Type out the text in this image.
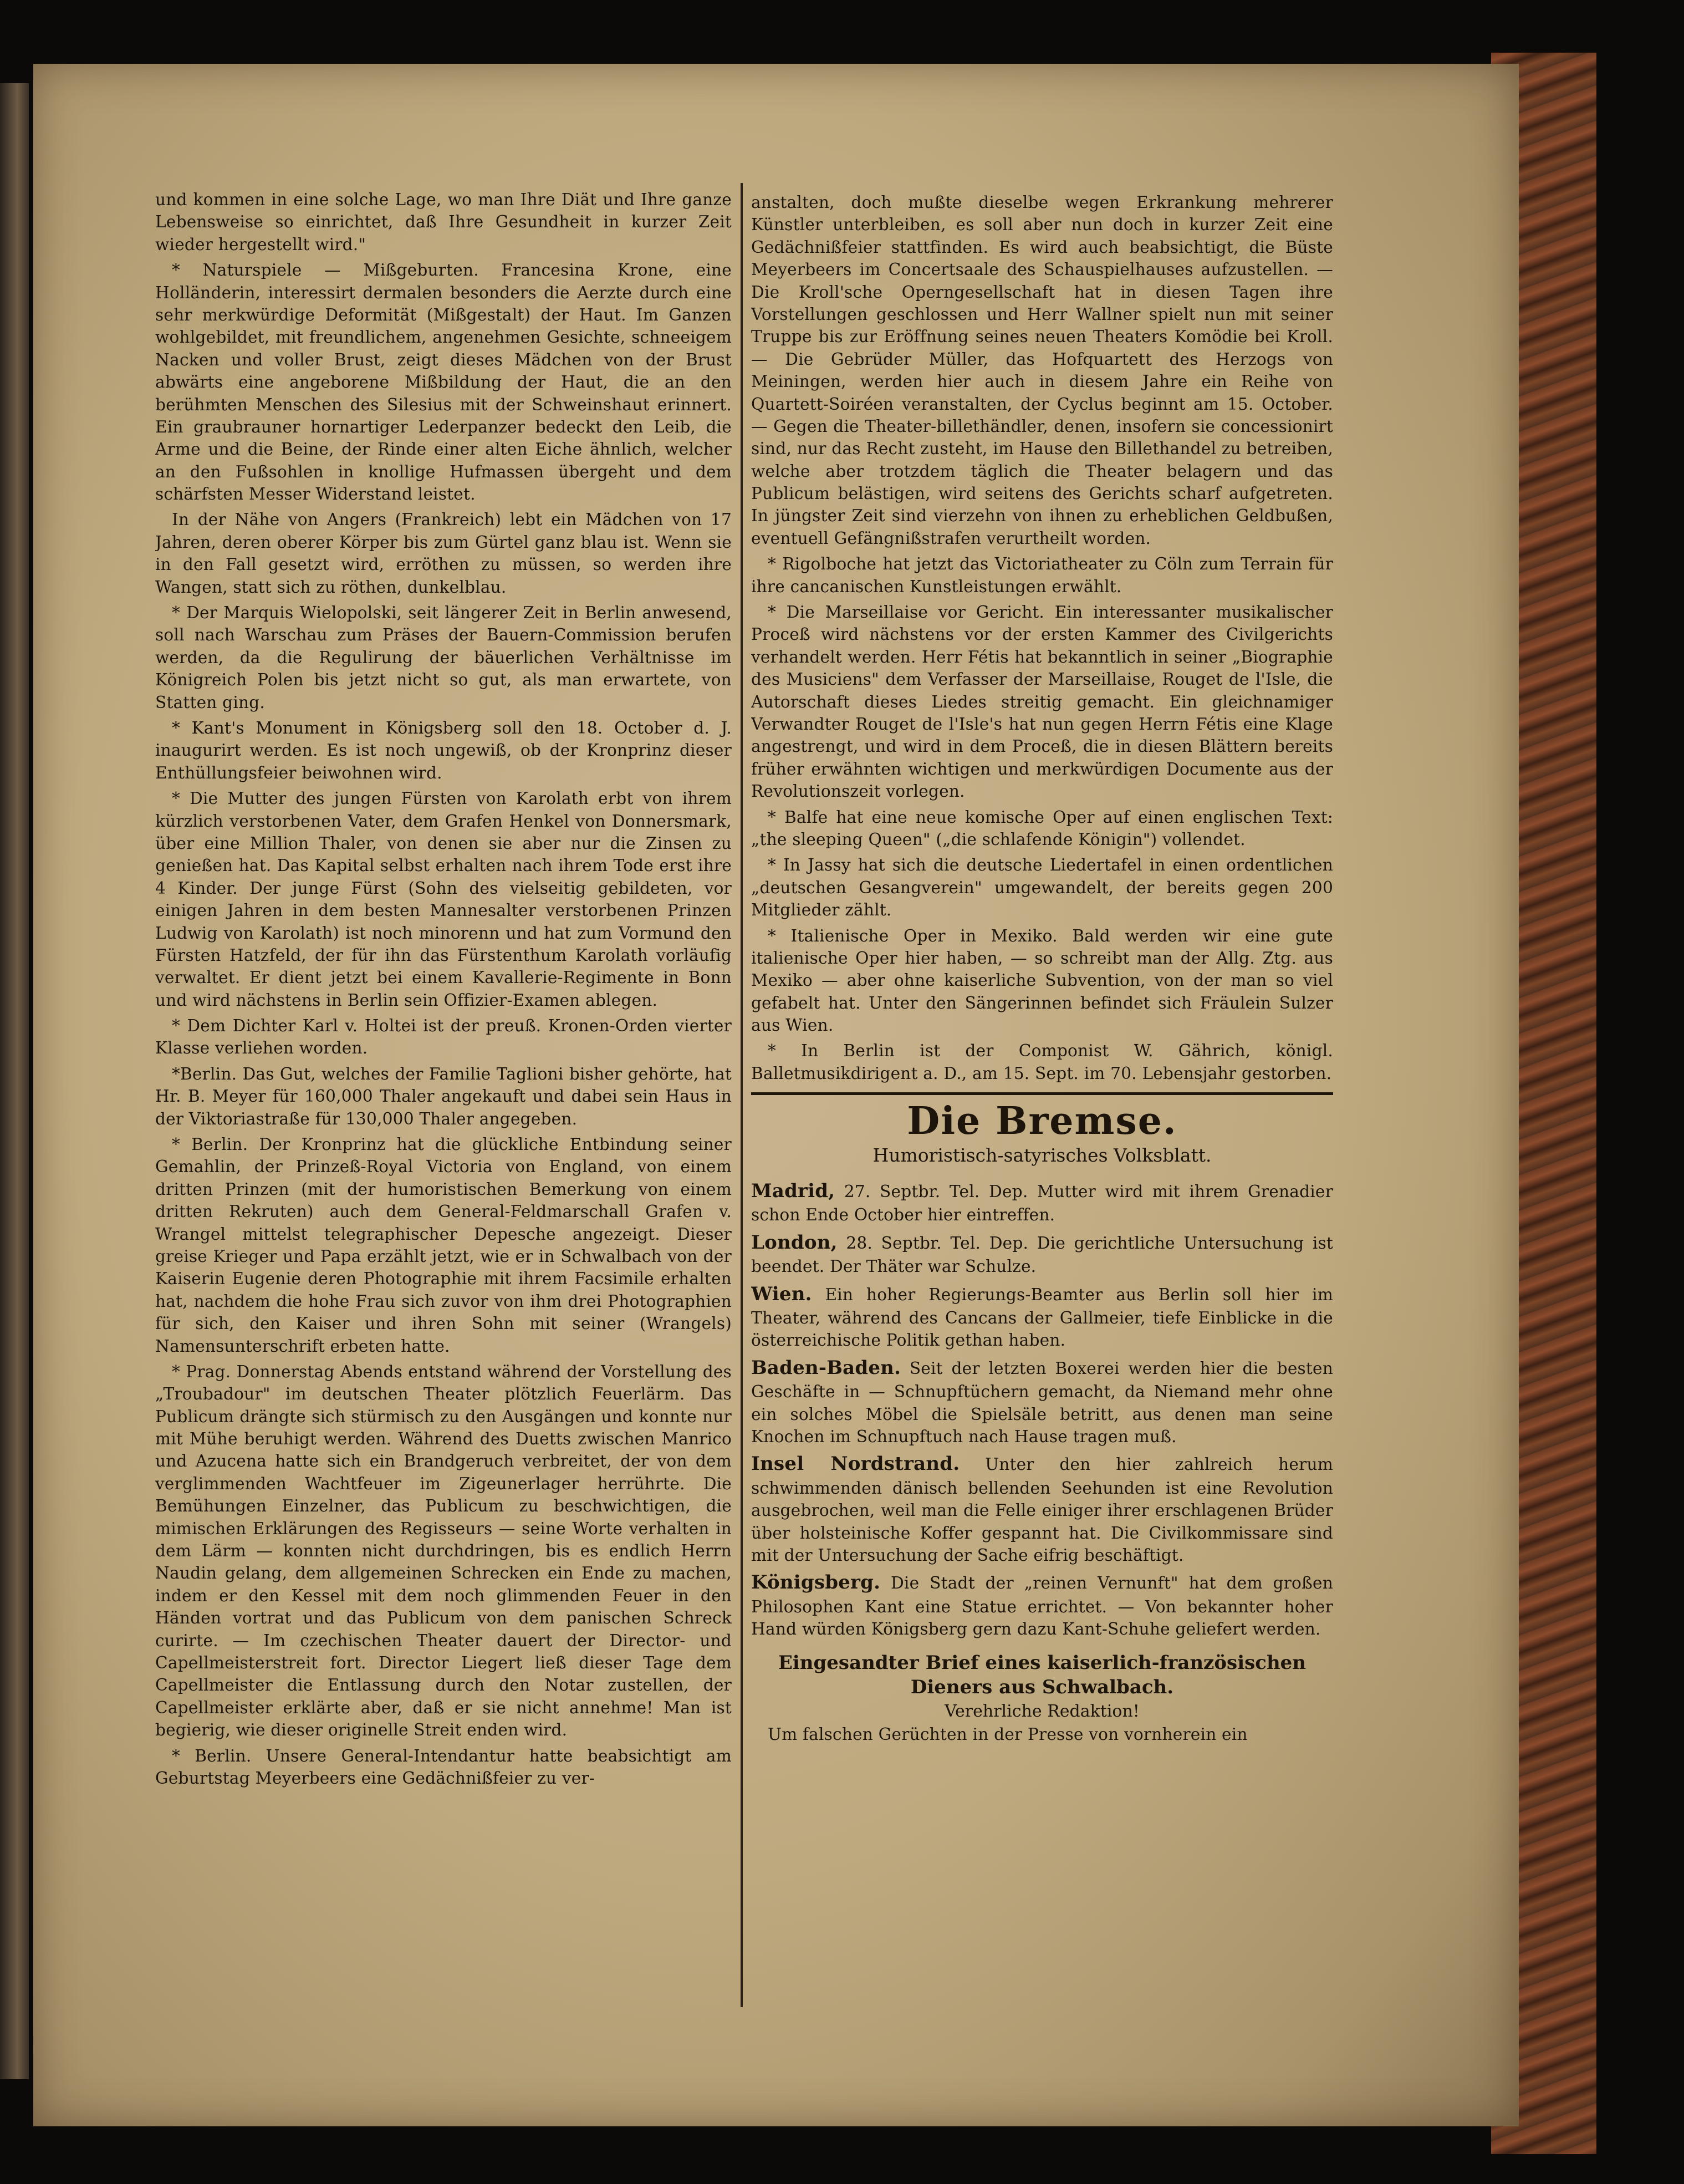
und kommen in eine solche Lage, wo man Ihre Diät und Ihre ganze Lebensweise so einrichtet, daß Ihre Gesundheit in kurzer Zeit wieder hergestellt wird."

* Naturspiele — Mißgeburten. Francesina Krone, eine Holländerin, interessirt dermalen besonders die Aerzte durch eine sehr merkwürdige Deformität (Mißgestalt) der Haut. Im Ganzen wohlgebildet, mit freundlichem, angenehmen Gesichte, schneeigem Nacken und voller Brust, zeigt dieses Mädchen von der Brust abwärts eine angeborene Mißbildung der Haut, die an den berühmten Menschen des Silesius mit der Schweinshaut erinnert. Ein graubrauner hornartiger Lederpanzer bedeckt den Leib, die Arme und die Beine, der Rinde einer alten Eiche ähnlich, welcher an den Fußsohlen in knollige Hufmassen übergeht und dem schärfsten Messer Widerstand leistet.

In der Nähe von Angers (Frankreich) lebt ein Mädchen von 17 Jahren, deren oberer Körper bis zum Gürtel ganz blau ist. Wenn sie in den Fall gesetzt wird, erröthen zu müssen, so werden ihre Wangen, statt sich zu röthen, dunkelblau.

* Der Marquis Wielopolski, seit längerer Zeit in Berlin anwesend, soll nach Warschau zum Präses der Bauern-Commission berufen werden, da die Regulirung der bäuerlichen Verhältnisse im Königreich Polen bis jetzt nicht so gut, als man erwartete, von Statten ging.

* Kant's Monument in Königsberg soll den 18. October d. J. inaugurirt werden. Es ist noch ungewiß, ob der Kronprinz dieser Enthüllungsfeier beiwohnen wird.

* Die Mutter des jungen Fürsten von Karolath erbt von ihrem kürzlich verstorbenen Vater, dem Grafen Henkel von Donnersmark, über eine Million Thaler, von denen sie aber nur die Zinsen zu genießen hat. Das Kapital selbst erhalten nach ihrem Tode erst ihre 4 Kinder. Der junge Fürst (Sohn des vielseitig gebildeten, vor einigen Jahren in dem besten Mannesalter verstorbenen Prinzen Ludwig von Karolath) ist noch minorenn und hat zum Vormund den Fürsten Hatzfeld, der für ihn das Fürstenthum Karolath vorläufig verwaltet. Er dient jetzt bei einem Kavallerie-Regimente in Bonn und wird nächstens in Berlin sein Offizier-Examen ablegen.

* Dem Dichter Karl v. Holtei ist der preuß. Kronen-Orden vierter Klasse verliehen worden.

*Berlin. Das Gut, welches der Familie Taglioni bisher gehörte, hat Hr. B. Meyer für 160,000 Thaler angekauft und dabei sein Haus in der Viktoriastraße für 130,000 Thaler angegeben.

* Berlin. Der Kronprinz hat die glückliche Entbindung seiner Gemahlin, der Prinzeß-Royal Victoria von England, von einem dritten Prinzen (mit der humoristischen Bemerkung von einem dritten Rekruten) auch dem General-Feldmarschall Grafen v. Wrangel mittelst telegraphischer Depesche angezeigt. Dieser greise Krieger und Papa erzählt jetzt, wie er in Schwalbach von der Kaiserin Eugenie deren Photographie mit ihrem Facsimile erhalten hat, nachdem die hohe Frau sich zuvor von ihm drei Photographien für sich, den Kaiser und ihren Sohn mit seiner (Wrangels) Namensunterschrift erbeten hatte.

* Prag. Donnerstag Abends entstand während der Vorstellung des „Troubadour" im deutschen Theater plötzlich Feuerlärm. Das Publicum drängte sich stürmisch zu den Ausgängen und konnte nur mit Mühe beruhigt werden. Während des Duetts zwischen Manrico und Azucena hatte sich ein Brandgeruch verbreitet, der von dem verglimmenden Wachtfeuer im Zigeunerlager herrührte. Die Bemühungen Einzelner, das Publicum zu beschwichtigen, die mimischen Erklärungen des Regisseurs — seine Worte verhalten in dem Lärm — konnten nicht durchdringen, bis es endlich Herrn Naudin gelang, dem allgemeinen Schrecken ein Ende zu machen, indem er den Kessel mit dem noch glimmenden Feuer in den Händen vortrat und das Publicum von dem panischen Schreck curirte. — Im czechischen Theater dauert der Director- und Capellmeisterstreit fort. Director Liegert ließ dieser Tage dem Capellmeister die Entlassung durch den Notar zustellen, der Capellmeister erklärte aber, daß er sie nicht annehme! Man ist begierig, wie dieser originelle Streit enden wird.

* Berlin. Unsere General-Intendantur hatte beabsichtigt am Geburtstag Meyerbeers eine Gedächnißfeier zu ver-

anstalten, doch mußte dieselbe wegen Erkrankung mehrerer Künstler unterbleiben, es soll aber nun doch in kurzer Zeit eine Gedächnißfeier stattfinden. Es wird auch beabsichtigt, die Büste Meyerbeers im Concertsaale des Schauspielhauses aufzustellen. — Die Kroll'sche Operngesellschaft hat in diesen Tagen ihre Vorstellungen geschlossen und Herr Wallner spielt nun mit seiner Truppe bis zur Eröffnung seines neuen Theaters Komödie bei Kroll. — Die Gebrüder Müller, das Hofquartett des Herzogs von Meiningen, werden hier auch in diesem Jahre ein Reihe von Quartett-Soiréen veranstalten, der Cyclus beginnt am 15. October. — Gegen die Theater-billethändler, denen, insofern sie concessionirt sind, nur das Recht zusteht, im Hause den Billethandel zu betreiben, welche aber trotzdem täglich die Theater belagern und das Publicum belästigen, wird seitens des Gerichts scharf aufgetreten. In jüngster Zeit sind vierzehn von ihnen zu erheblichen Geldbußen, eventuell Gefängnißstrafen verurtheilt worden.

* Rigolboche hat jetzt das Victoriatheater zu Cöln zum Terrain für ihre cancanischen Kunstleistungen erwählt.

* Die Marseillaise vor Gericht. Ein interessanter musikalischer Proceß wird nächstens vor der ersten Kammer des Civilgerichts verhandelt werden. Herr Fétis hat bekanntlich in seiner „Biographie des Musiciens" dem Verfasser der Marseillaise, Rouget de l'Isle, die Autorschaft dieses Liedes streitig gemacht. Ein gleichnamiger Verwandter Rouget de l'Isle's hat nun gegen Herrn Fétis eine Klage angestrengt, und wird in dem Proceß, die in diesen Blättern bereits früher erwähnten wichtigen und merkwürdigen Documente aus der Revolutionszeit vorlegen.

* Balfe hat eine neue komische Oper auf einen englischen Text: „the sleeping Queen" („die schlafende Königin") vollendet.

* In Jassy hat sich die deutsche Liedertafel in einen ordentlichen „deutschen Gesangverein" umgewandelt, der bereits gegen 200 Mitglieder zählt.

* Italienische Oper in Mexiko. Bald werden wir eine gute italienische Oper hier haben, — so schreibt man der Allg. Ztg. aus Mexiko — aber ohne kaiserliche Subvention, von der man so viel gefabelt hat. Unter den Sängerinnen befindet sich Fräulein Sulzer aus Wien.

* In Berlin ist der Componist W. Gährich, königl. Balletmusikdirigent a. D., am 15. Sept. im 70. Lebensjahr gestorben.

Die Bremse.
Humoristisch-satyrisches Volksblatt.

Madrid, 27. Septbr. Tel. Dep. Mutter wird mit ihrem Grenadier schon Ende October hier eintreffen.

London, 28. Septbr. Tel. Dep. Die gerichtliche Untersuchung ist beendet. Der Thäter war Schulze.

Wien. Ein hoher Regierungs-Beamter aus Berlin soll hier im Theater, während des Cancans der Gallmeier, tiefe Einblicke in die österreichische Politik gethan haben.

Baden-Baden. Seit der letzten Boxerei werden hier die besten Geschäfte in — Schnupftüchern gemacht, da Niemand mehr ohne ein solches Möbel die Spielsäle betritt, aus denen man seine Knochen im Schnupftuch nach Hause tragen muß.

Insel Nordstrand. Unter den hier zahlreich herum schwimmenden dänisch bellenden Seehunden ist eine Revolution ausgebrochen, weil man die Felle einiger ihrer erschlagenen Brüder über holsteinische Koffer gespannt hat. Die Civilkommissare sind mit der Untersuchung der Sache eifrig beschäftigt.

Königsberg. Die Stadt der „reinen Vernunft" hat dem großen Philosophen Kant eine Statue errichtet. — Von bekannter hoher Hand würden Königsberg gern dazu Kant-Schuhe geliefert werden.

Eingesandter Brief eines kaiserlich-französischen Dieners aus Schwalbach.
Verehrliche Redaktion!

Um falschen Gerüchten in der Presse von vornherein ein
